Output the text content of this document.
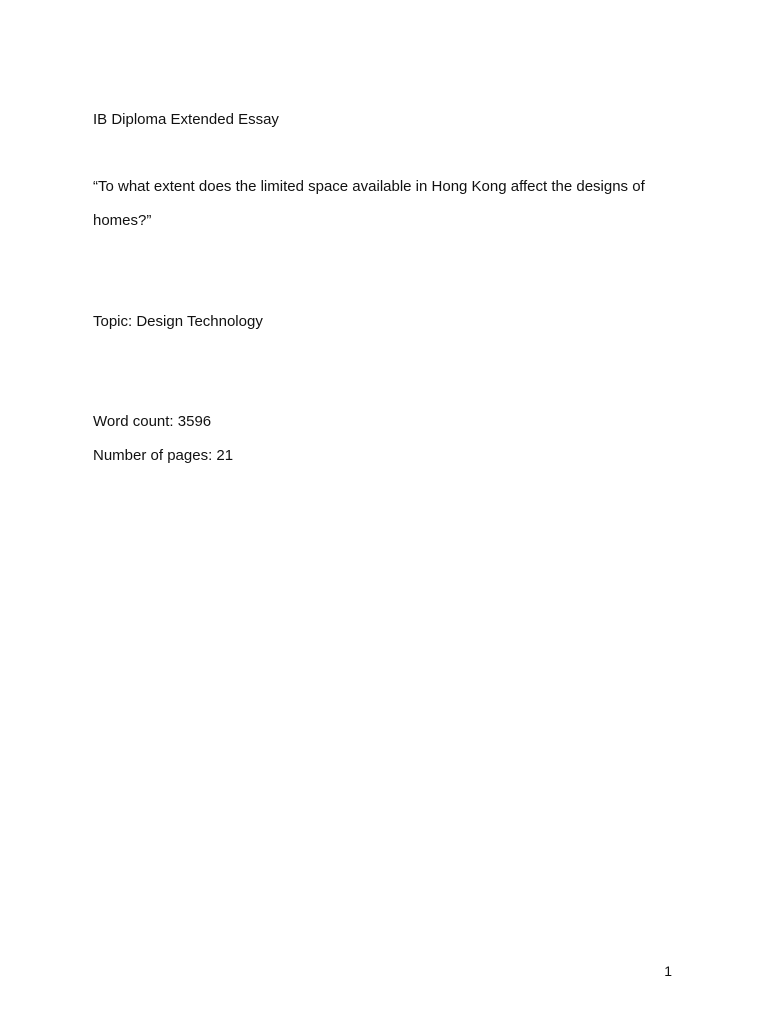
IB Diploma Extended Essay
“To what extent does the limited space available in Hong Kong affect the designs of
homes?”
Topic: Design Technology
Word count: 3596
Number of pages: 21
1
